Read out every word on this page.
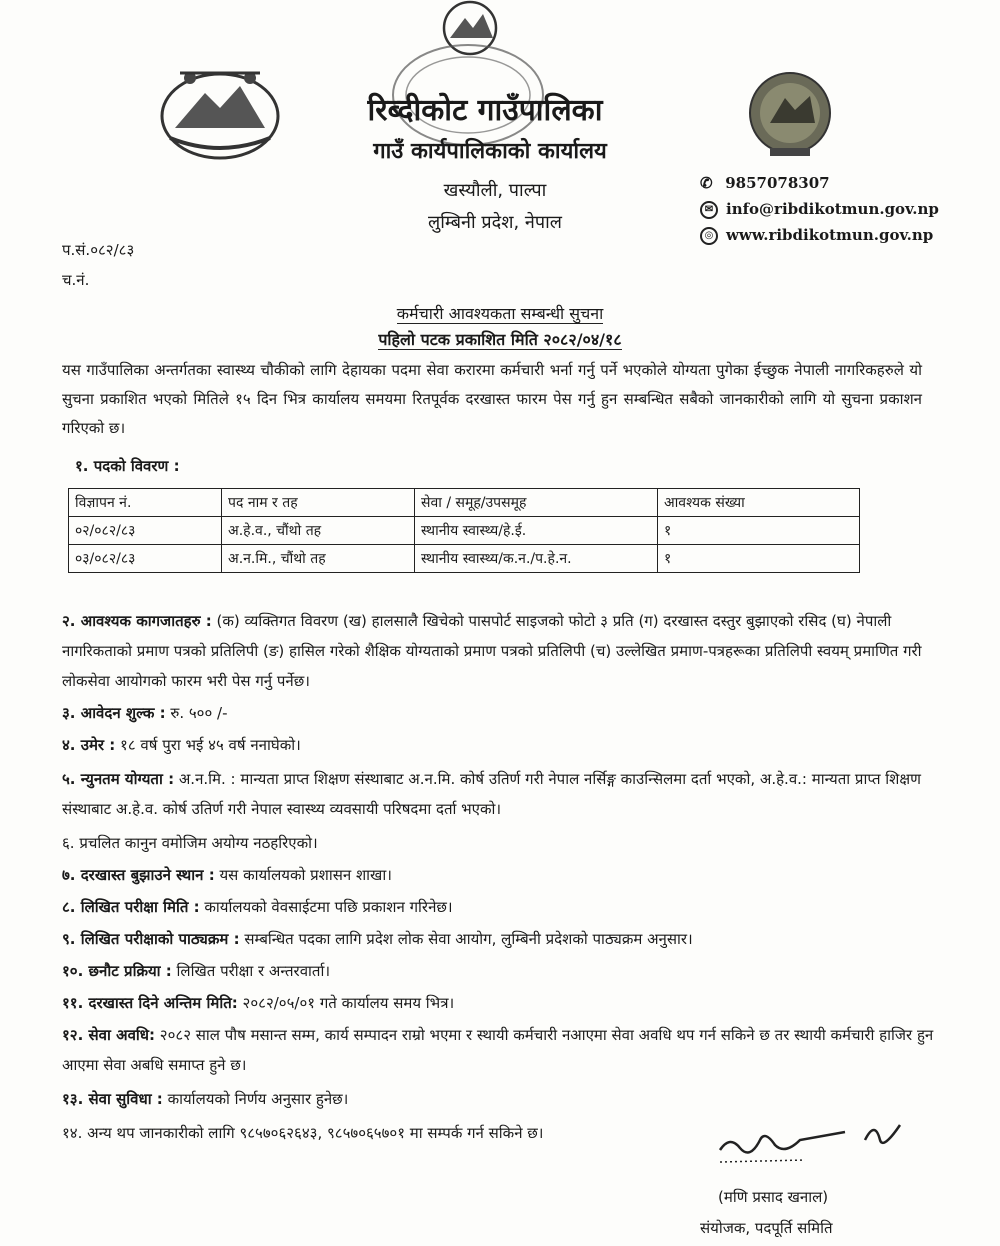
रिब्दीकोट गाउँपालिका
गाउँ कार्यपालिकाको कार्यालय
खस्यौली, पाल्पा
लुम्बिनी प्रदेश, नेपाल
✆ 9857078307
✉ info@ribdikotmun.gov.np
◎ www.ribdikotmun.gov.np
प.सं.०८२/८३
च.नं.
कर्मचारी आवश्यकता सम्बन्धी सुचना
पहिलो पटक प्रकाशित मिति २०८२/०४/१८
यस गाउँपालिका अन्तर्गतका स्वास्थ्य चौकीको लागि देहायका पदमा सेवा करारमा कर्मचारी भर्ना गर्नु पर्ने भएकोले योग्यता पुगेका ईच्छुक नेपाली नागरिकहरुले यो सुचना प्रकाशित भएको मितिले १५ दिन भित्र कार्यालय समयमा रितपूर्वक दरखास्त फारम पेस गर्नु हुन सम्बन्धित सबैको जानकारीको लागि यो सुचना प्रकाशन गरिएको छ।
१. पदको विवरण :
विज्ञापन नं.	पद नाम र तह	सेवा / समूह/उपसमूह	आवश्यक संख्या
०२/०८२/८३	अ.हे.व., चौंथो तह	स्थानीय स्वास्थ्य/हे.ई.	१
०३/०८२/८३	अ.न.मि., चौंथो तह	स्थानीय स्वास्थ्य/क.न./प.हे.न.	१
२. आवश्यक कागजातहरु : (क) व्यक्तिगत विवरण (ख) हालसालै खिचेको पासपोर्ट साइजको फोटो ३ प्रति (ग) दरखास्त दस्तुर बुझाएको रसिद (घ) नेपाली नागरिकताको प्रमाण पत्रको प्रतिलिपी (ङ) हासिल गरेको शैक्षिक योग्यताको प्रमाण पत्रको प्रतिलिपी (च) उल्लेखित प्रमाण-पत्रहरूका प्रतिलिपी स्वयम् प्रमाणित गरी लोकसेवा आयोगको फारम भरी पेस गर्नु पर्नेछ।
३. आवेदन शुल्क : रु. ५०० /-
४. उमेर : १८ वर्ष पुरा भई ४५ वर्ष ननाघेको।
५. न्युनतम योग्यता : अ.न.मि. : मान्यता प्राप्त शिक्षण संस्थाबाट अ.न.मि. कोर्ष उतिर्ण गरी नेपाल नर्सिङ्ग काउन्सिलमा दर्ता भएको, अ.हे.व.: मान्यता प्राप्त शिक्षण संस्थाबाट अ.हे.व. कोर्ष उतिर्ण गरी नेपाल स्वास्थ्य व्यवसायी परिषदमा दर्ता भएको।
६. प्रचलित कानुन वमोजिम अयोग्य नठहरिएको।
७. दरखास्त बुझाउने स्थान : यस कार्यालयको प्रशासन शाखा।
८. लिखित परीक्षा मिति : कार्यालयको वेवसाईटमा पछि प्रकाशन गरिनेछ।
९. लिखित परीक्षाको पाठ्यक्रम : सम्बन्धित पदका लागि प्रदेश लोक सेवा आयोग, लुम्बिनी प्रदेशको पाठ्यक्रम अनुसार।
१०. छनौट प्रक्रिया : लिखित परीक्षा र अन्तरवार्ता।
११. दरखास्त दिने अन्तिम मिति: २०८२/०५/०१ गते कार्यालय समय भित्र।
१२. सेवा अवधि: २०८२ साल पौष मसान्त सम्म, कार्य सम्पादन राम्रो भएमा र स्थायी कर्मचारी नआएमा सेवा अवधि थप गर्न सकिने छ तर स्थायी कर्मचारी हाजिर हुन आएमा सेवा अबधि समाप्त हुने छ।
१३. सेवा सुविधा : कार्यालयको निर्णय अनुसार हुनेछ।
१४. अन्य थप जानकारीको लागि ९८५७०६२६४३, ९८५७०६५७०१ मा सम्पर्क गर्न सकिने छ।
(मणि प्रसाद खनाल)
संयोजक, पदपूर्ति समिति
